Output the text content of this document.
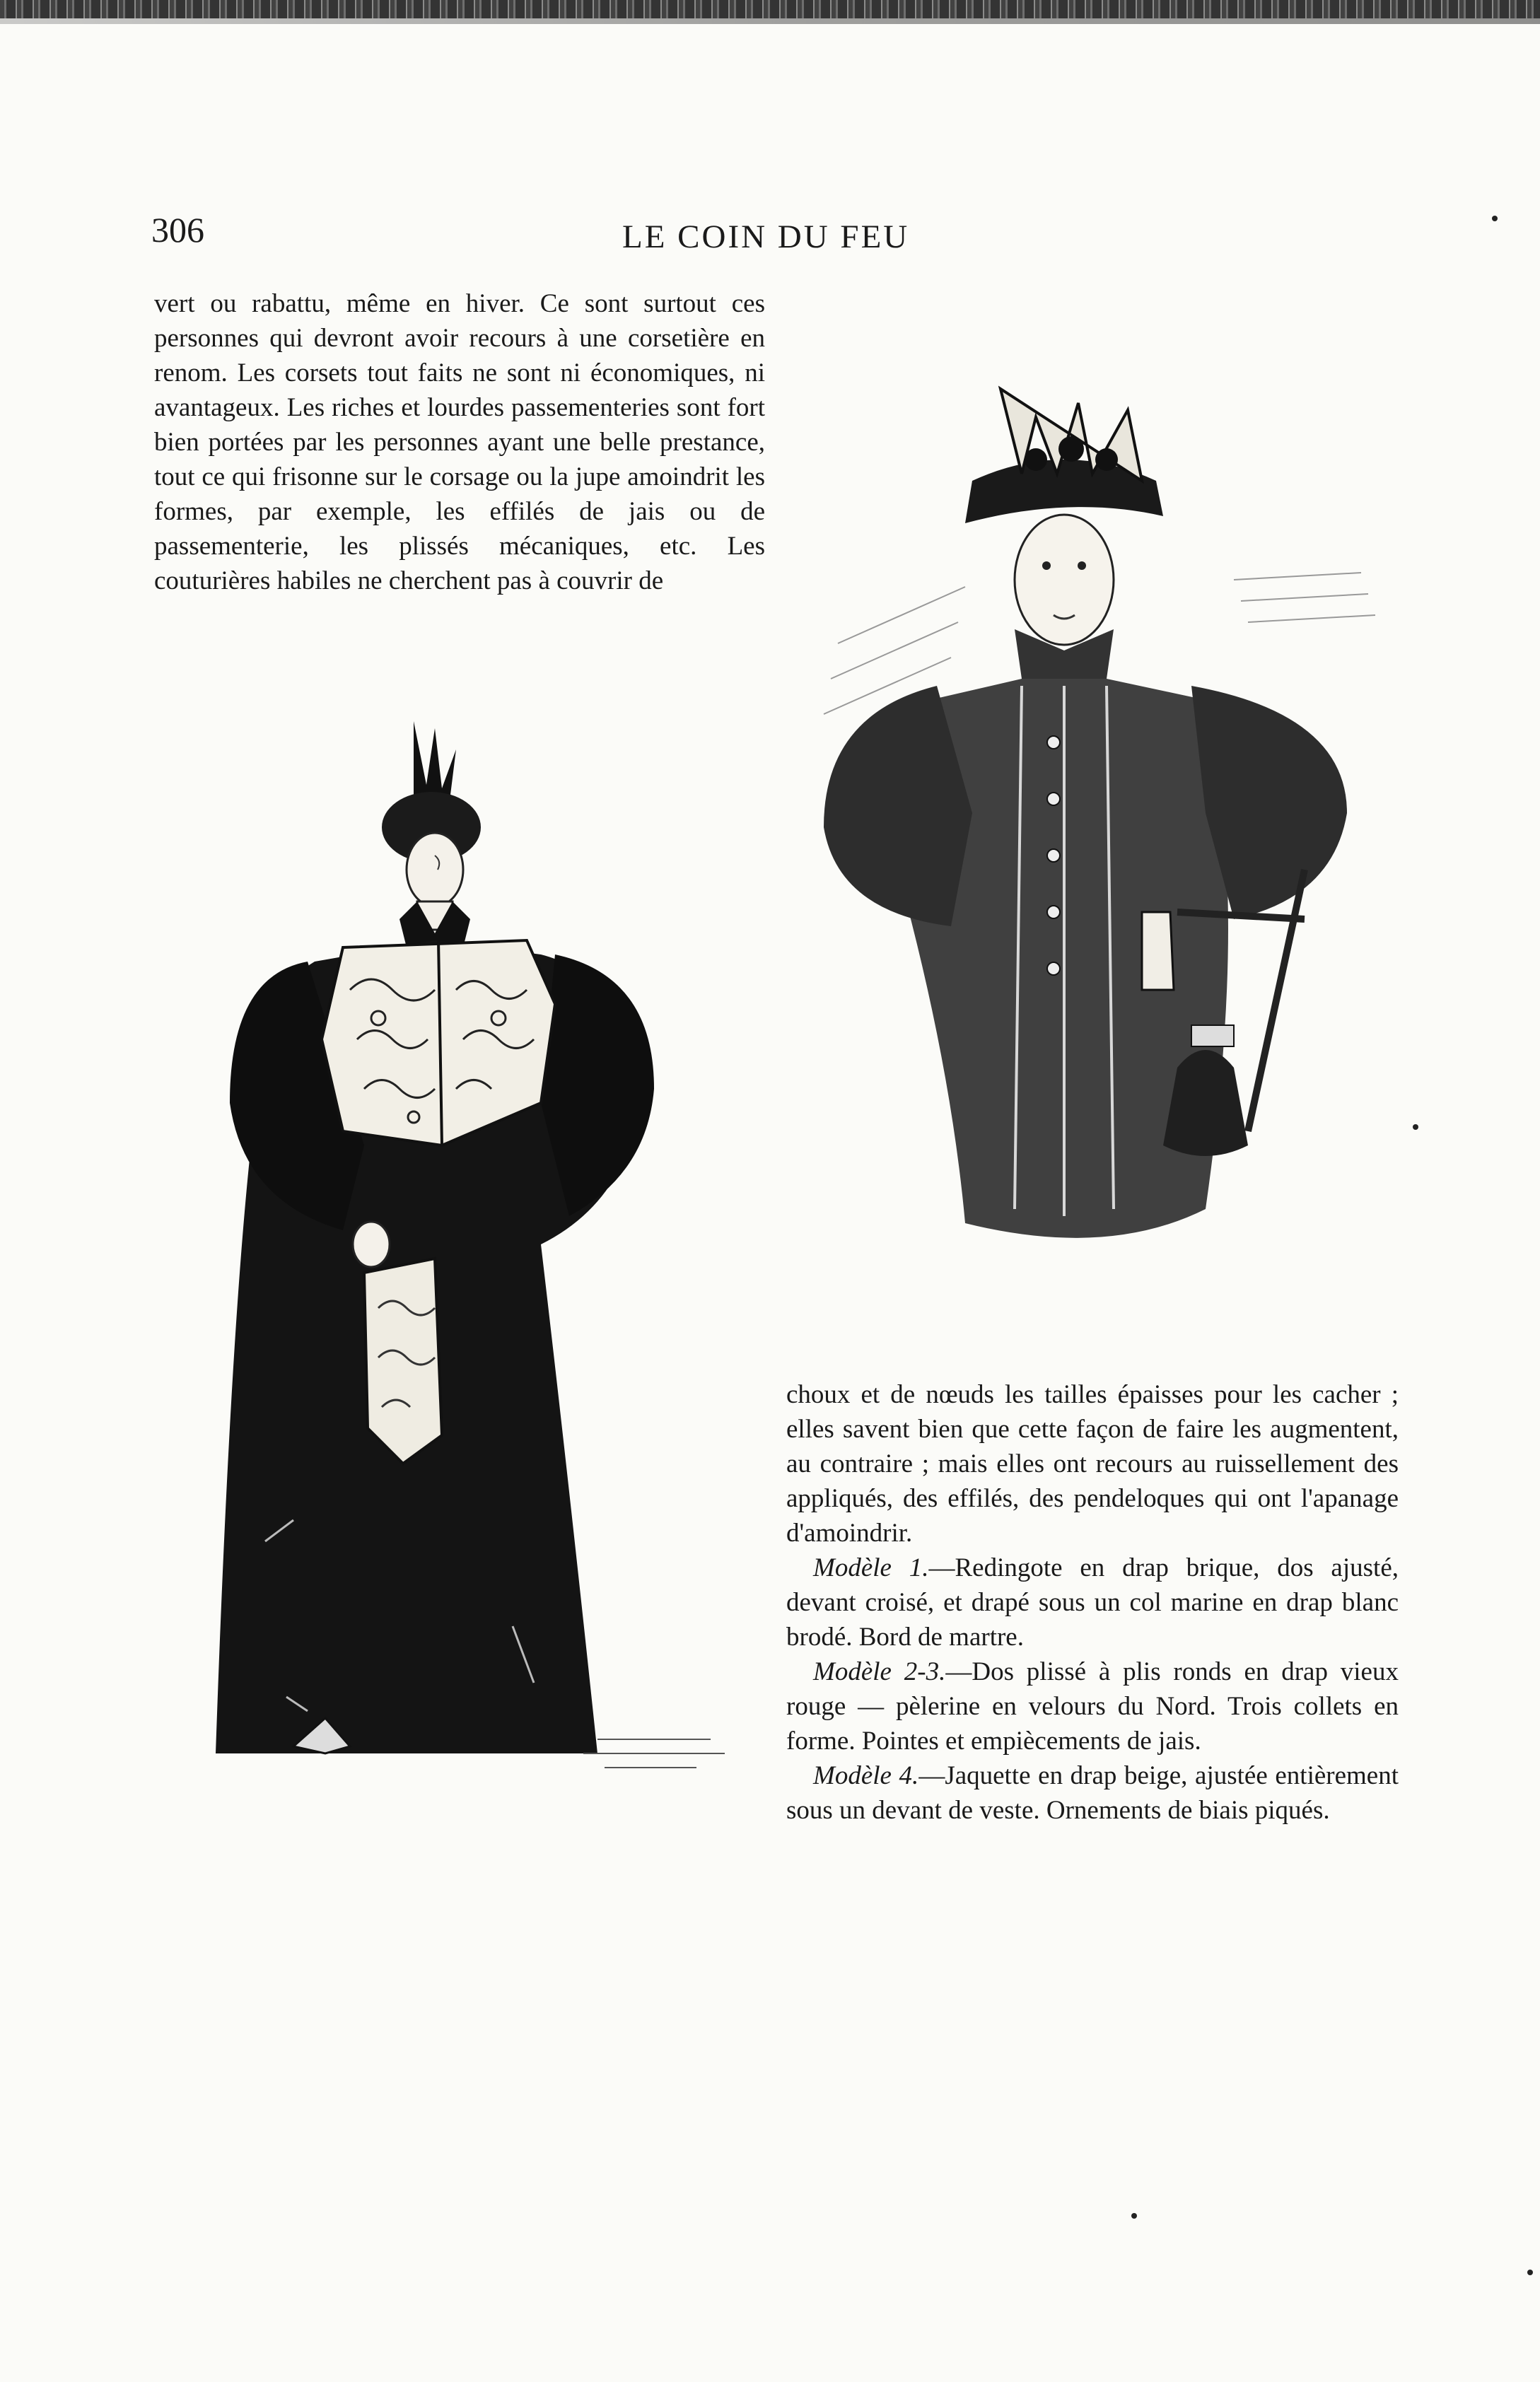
306	LE COIN DU FEU

vert ou rabattu, même en hiver. Ce sont surtout ces personnes qui devront avoir recours à une corsetière en renom. Les corsets tout faits ne sont ni économiques, ni avantageux. Les riches et lourdes passementeries sont fort bien portées par les personnes ayant une belle prestance, tout ce qui frisonne sur le corsage ou la jupe amoindrit les formes, par exemple, les effilés de jais ou de passementerie, les plissés mécaniques, etc. Les couturières habiles ne cherchent pas à couvrir de

choux et de nœuds les tailles épaisses pour les cacher ; elles savent bien que cette façon de faire les augmentent, au contraire ; mais elles ont recours au ruissellement des appliqués, des effilés, des pendeloques qui ont l'apanage d'amoindrir.

Modèle 1.—Redingote en drap brique, dos ajusté, devant croisé, et drapé sous un col marine en drap blanc brodé. Bord de martre.

Modèle 2-3.—Dos plissé à plis ronds en drap vieux rouge — pèlerine en velours du Nord. Trois collets en forme. Pointes et empiècements de jais.

Modèle 4.—Jaquette en drap beige, ajustée entièrement sous un devant de veste. Ornements de biais piqués.
